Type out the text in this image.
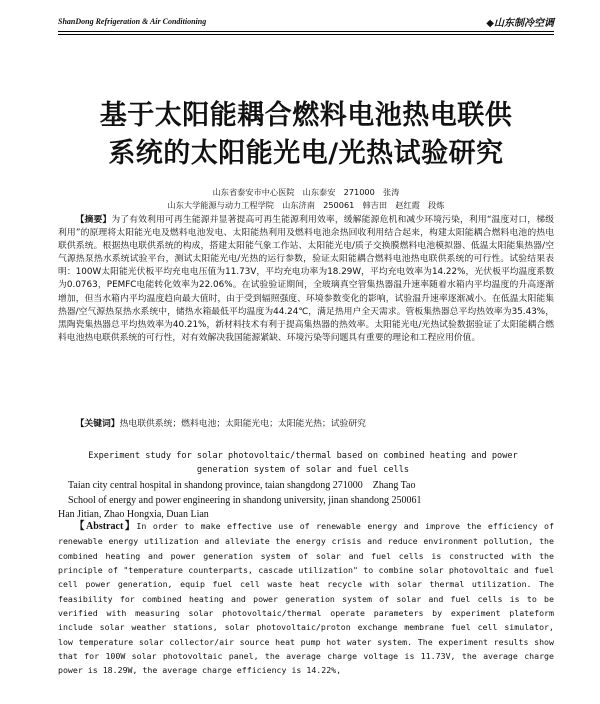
ShanDong Refrigeration & Air Conditioning	◆山东制冷空调
基于太阳能耦合燃料电池热电联供
系统的太阳能光电/光热试验研究
山东省泰安市中心医院　山东泰安　271000　张涛
山东大学能源与动力工程学院　山东济南　250061　韩吉田　赵红霞　段炼
【摘要】为了有效利用可再生能源并显著提高可再生能源利用效率，缓解能源危机和减少环境污染，利用“温度对口，梯级利用”的原理将太阳能光电及燃料电池发电、太阳能热利用及燃料电池余热回收利用结合起来，构建太阳能耦合燃料电池的热电联供系统。根据热电联供系统的构成，搭建太阳能气象工作站、太阳能光电/质子交换膜燃料电池模拟器、低温太阳能集热器/空气源热泵热水系统试验平台，测试太阳能光电/光热的运行参数，验证太阳能耦合燃料电池热电联供系统的可行性。试验结果表明：100W太阳能光伏板平均充电电压值为11.73V，平均充电功率为18.29W，平均充电效率为14.22%，光伏板平均温度系数为0.0763，PEMFC电能转化效率为22.06%。在试验验证期间，全玻璃真空管集热器温升速率随着水箱内平均温度的升高逐渐增加，但当水箱内平均温度趋向最大值时，由于受到辐照强度、环境参数变化的影响，试验温升速率逐渐减小。在低温太阳能集热器/空气源热泵热水系统中，储热水箱最低平均温度为44.24℃，满足热用户全天需求。管板集热器总平均热效率为35.43%，黑陶瓷集热器总平均热效率为40.21%，新材料技术有利于提高集热器的热效率。太阳能光电/光热试验数据验证了太阳能耦合燃料电池热电联供系统的可行性，对有效解决我国能源紧缺、环境污染等问题具有重要的理论和工程应用价值。
【关键词】热电联供系统；燃料电池；太阳能光电；太阳能光热；试验研究
Experiment study for solar photovoltaic/thermal based on combined heating and power
generation system of solar and fuel cells
Taian city central hospital in shandong province, taian shangdong 271000　Zhang Tao
School of energy and power engineering in shandong university, jinan shandong 250061
Han Jitian, Zhao Hongxia, Duan Lian
【Abstract】In order to make effective use of renewable energy and improve the efficiency of renewable energy utilization and alleviate the energy crisis and reduce environment pollution, the combined heating and power generation system of solar and fuel cells is constructed with the principle of "temperature counterparts, cascade utilization" to combine solar photovoltaic and fuel cell power generation, equip fuel cell waste heat recycle with solar thermal utilization. The feasibility for combined heating and power generation system of solar and fuel cells is to be verified with measuring solar photovoltaic/thermal operate parameters by experiment plateform include solar weather stations, solar photovoltaic/proton exchange membrane fuel cell simulator, low temperature solar collector/air source heat pump hot water system. The experiment results show that for 100W solar photovoltaic panel, the average charge voltage is 11.73V, the average charge power is 18.29W, the average charge efficiency is 14.22%,
